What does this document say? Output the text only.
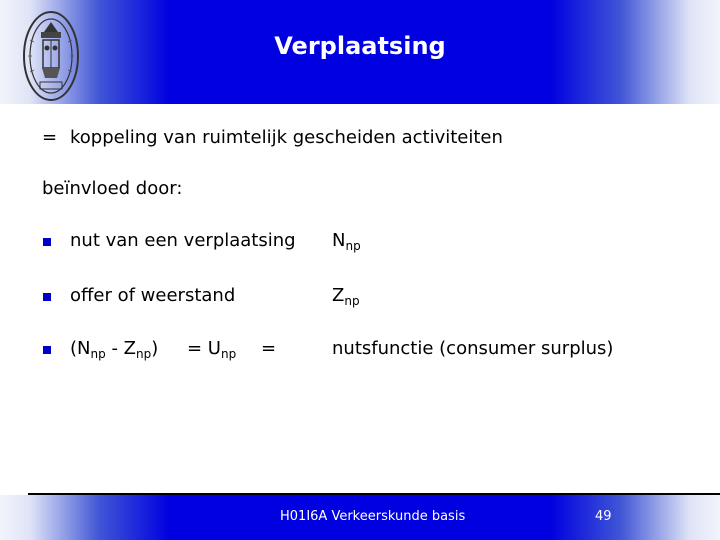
Verplaatsing
= koppeling van ruimtelijk gescheiden activiteiten
beïnvloed door:
nut van een verplaatsing $N_{np}$
offer of weerstand	$Z_{np}$
$(N_{np} - Z_{np}) = U_{np}$ =	nutsfunctie (consumer surplus)
H01I6A Verkeerskunde basis	49
